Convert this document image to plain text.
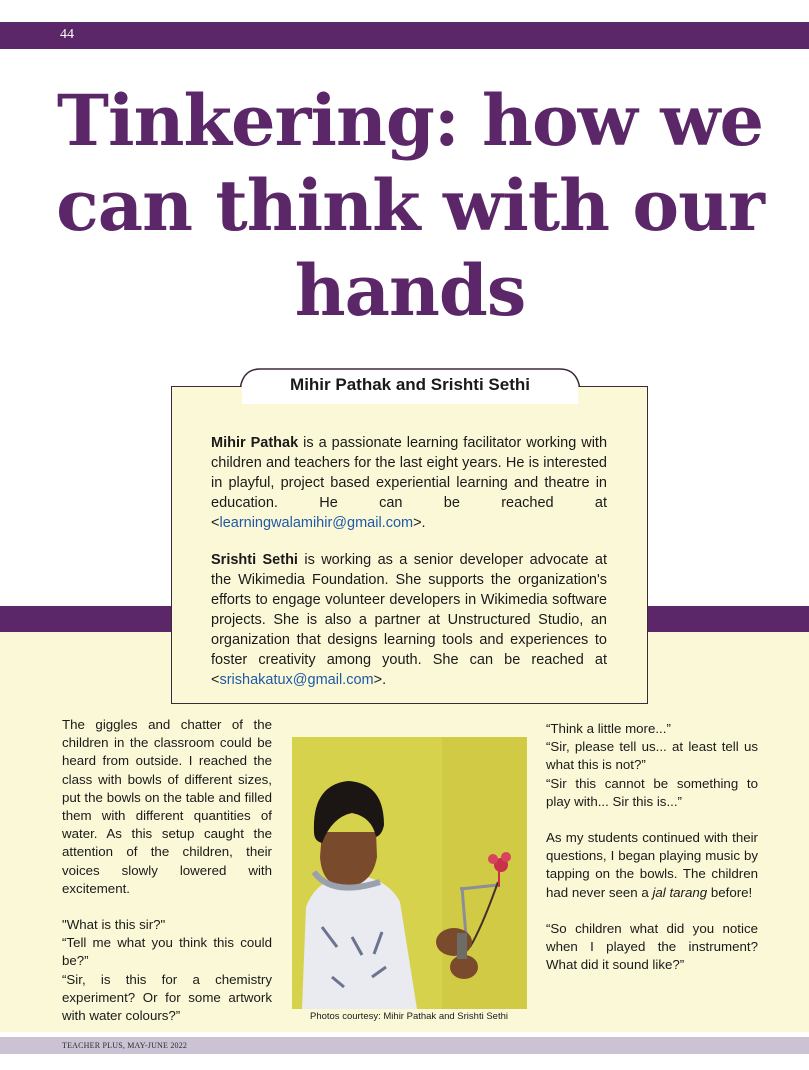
44
Tinkering: how we can think with our hands
Mihir Pathak and Srishti Sethi
Mihir Pathak is a passionate learning facilitator working with children and teachers for the last eight years. He is interested in playful, project based experiential learning and theatre in education. He can be reached at <learningwalamihir@gmail.com>.
Srishti Sethi is working as a senior developer advocate at the Wikimedia Foundation. She supports the organization's efforts to engage volunteer developers in Wikimedia software projects. She is also a partner at Unstructured Studio, an organization that designs learning tools and experiences to foster creativity among youth. She can be reached at <srishakatux@gmail.com>.

The giggles and chatter of the children in the classroom could be heard from outside. I reached the class with bowls of different sizes, put the bowls on the table and filled them with different quantities of water. As this setup caught the attention of the children, their voices slowly lowered with excitement.

"What is this sir?"

“Tell me what you think this could be?”

“Sir, is this for a chemistry experiment? Or for some artwork with water colours?”	Photos courtesy: Mihir Pathak and Srishti Sethi

“Think a little more...”

“Sir, please tell us... at least tell us what this is not?”

“Sir this cannot be something to play with... Sir this is...”

As my students continued with their questions, I began playing music by tapping on the bowls. The children had never seen a jal tarang before!

“So children what did you notice when I played the instrument? What did it sound like?”

TEACHER PLUS, MAY-JUNE 2022
